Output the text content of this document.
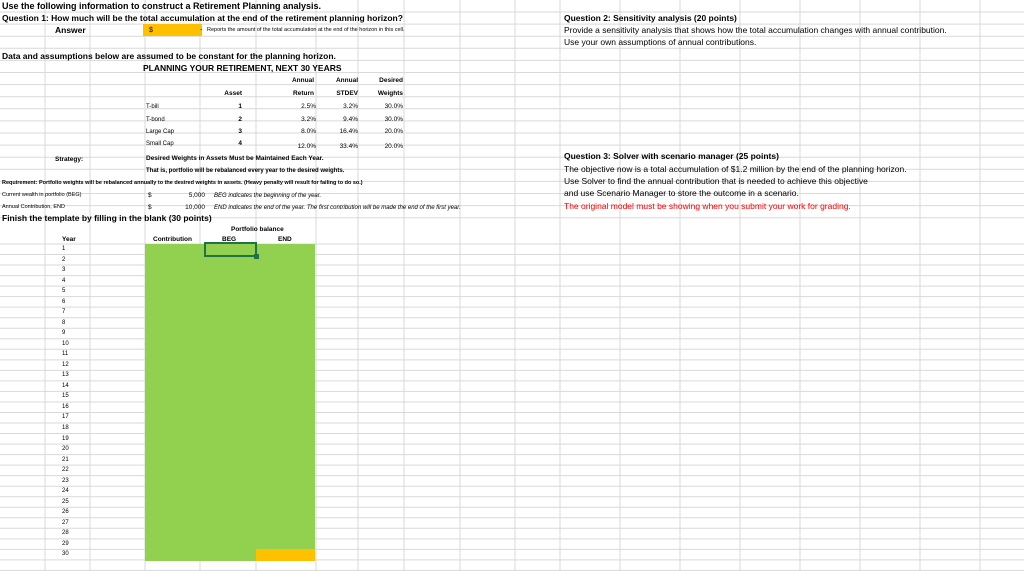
Use the following information to construct a Retirement Planning analysis.
Question 1: How much will be the total accumulation at the end of the retirement planning horizon?
Answer	$	- Reports the amount of the total accumulation at the end of the horizon in this cell.
Data and assumptions below are assumed to be constant for the planning horizon.
PLANNING YOUR RETIREMENT, NEXT 30 YEARS
Annual	Annual	Desired
Asset	Return	STDEV	Weights
T-bill	1	2.5%	3.2%	30.0%
T-bond	2	3.2%	9.4%	30.0%
Large Cap	3	8.0%	16.4%	20.0%
Small Cap	4	12.0%	33.4%	20.0%
Strategy:	Desired Weights in Assets Must be Maintained Each Year.
That is, portfolio will be rebalanced every year to the desired weights.
Requirement: Portfolio weights will be rebalanced annually to the desired weights in assets. (Heavy penalty will result for failing to do so.)
Current wealth in portfolio (BEG)	$	5,000 BEG indicates the beginning of the year.
Annual Contribution, END	$	10,000 END indicates the end of the year. The first contribution will be made the end of the first year.
Finish the template by filling in the blank (30 points)
Portfolio balance
Year	Contribution	BEG	END
1
2
3
4
5
6
7
8
9
10
11
12
13
14
15
16
17
18
19
20
21
22
23
24
25
26
27
28
29
30
Question 2: Sensitivity analysis (20 points)
Provide a sensitivity analysis that shows how the total accumulation changes with annual contribution.
Use your own assumptions of annual contributions.
Question 3: Solver with scenario manager (25 points)
The objective now is a total accumulation of $1.2 million by the end of the planning horizon.
Use Solver to find the annual contribution that is needed to achieve this objective
and use Scenario Manager to store the outcome in a scenario.
The original model must be showing when you submit your work for grading.
